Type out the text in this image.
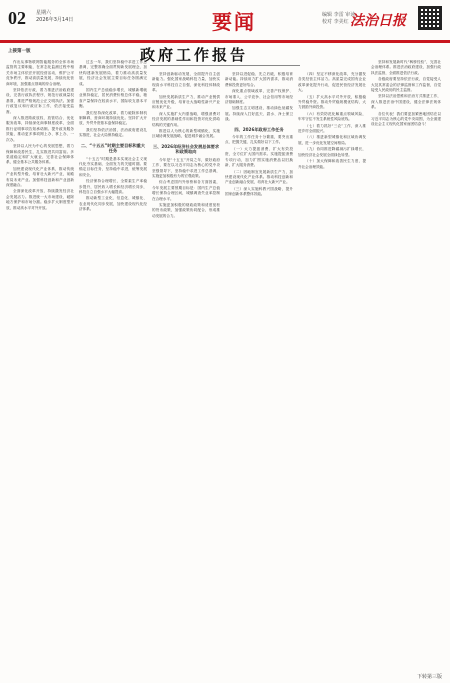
02 星期六
2026年3月14日	要闻	编辑 李雷 审读
校对 李美红 法治日报
上接第一版	政府工作报告

作出从事物联网智能服务的全体市场监管的主要职能，在常态化监测过程中相关市场主体依法开展经营活动，维护公平竞争秩序，推动高质量发展，持续优化营商环境，加强重点领域的综合治理。

坚持依法行政，着力推进法治政府建设，完善行政执法程序，规范行政裁量权基准，推进严格规范公正文明执法。加强行政复议和行政应诉工作，依法接受监督。

深入推进简政放权、放管结合、优化服务改革，持续深化商事制度改革，全面推行证明事项告知承诺制。提升政务服务效能，推动更多事项网上办、掌上办、一次办。

坚持以人民为中心的发展思想，着力保障和改善民生，扎实推进共同富裕。多渠道稳定和扩大就业，完善社会保障体系，健全基本公共服务体系。

加快建设现代化产业体系，推动传统产业转型升级，培育壮大新兴产业，前瞻布局未来产业。加强科技创新和产业创新深度融合。

全面深化改革开放，持续激发经济社会发展活力。推进统一大市场建设，破除地方保护和市场分割。稳步扩大制度型开放，推动高水平对外开放。

过去一年，我们坚持稳中求进工作总基调，完整准确全面贯彻新发展理念，加快构建新发展格局，着力推动高质量发展，经济社会发展主要目标任务圆满完成。

国内生产总值稳步增长，城镇新增就业保持稳定，居民消费价格总体平稳，粮食产量保持在较高水平，国际收支基本平衡。

我们坚持深化改革，着力破除体制机制障碍，营商环境持续优化。坚持扩大开放，外贸外资基本盘保持稳定。

我们坚持依法治国，法治政府建设扎实推进，社会大局保持稳定。

二、“十五五”时期主要目标和重大任务

“十五五”时期是基本实现社会主义现代化夯实基础、全面发力的关键时期。要锚定目标任务，坚持稳中求进，统筹发展和安全。

经济保持合理增长，全要素生产率稳步提升，居民收入增长和经济增长同步，科技自立自强水平大幅提高。

推动新型工业化、信息化、城镇化、农业现代化同步发展，加快建设现代化经济体系。

坚持创新驱动发展，全面提升自主创新能力。强化国家战略科技力量，加快实现高水平科技自立自强，深化科技体制改革。

加快发展新质生产力，推动产业链供应链优化升级，培育壮大战略性新兴产业和未来产业。

深入实施扩大内需战略，增强消费对经济发展的基础性作用和投资对优化供给结构的关键作用。

推进以人为核心的新型城镇化，实施区域协调发展战略，促进城乡融合发展。

三、2026年经济社会发展总体要求和政策取向

今年是“十五五”开局之年，做好政府工作，要在以习近平同志为核心的党中央坚强领导下，坚持稳中求进工作总基调，实施更加积极有为的宏观政策。

综合考虑国内外形势和各方面因素，今年发展主要预期目标是：国内生产总值增长保持合理区间，城镇调查失业率控制在合理水平。

实施更加积极的财政政策和适度宽松的货币政策，加强政策协同配合，形成推动发展的合力。

坚持以进促稳、先立后破，积极培育新动能。持续用力扩大国内需求，推动消费和投资更好结合。

深化重点领域改革，完善产权保护、市场准入、公平竞争、社会信用等市场经济基础制度。

加强生态文明建设，推动绿色低碳发展。持续深入打好蓝天、碧水、净土保卫战。

四、2026年政府工作任务

今年的工作任务十分繁重，要突出重点、把握关键，扎实做好以下工作。

（一）大力提振消费、扩大有效投资，全方位扩大国内需求。实施提振消费专项行动，加力扩围实施消费品以旧换新，扩大服务消费。

（二）因地制宜发展新质生产力，加快建设现代化产业体系。推动科技创新和产业创新融合发展，培育壮大新兴产业。

（三）深入实施科教兴国战略，提升国家创新体系整体效能。

（四）坚定不移深化改革，充分激发各类经营主体活力。高质量完成国有企业改革深化提升行动，促进民营经济发展壮大。

（五）扩大高水平对外开放，积极稳外贸稳外资。推动外贸稳规模优结构，大力鼓励外商投资。

（六）有效防范化解重点领域风险，牢牢守住不发生系统性风险底线。

（七）着力抓好“三农”工作，深入推进乡村全面振兴。

（八）推进新型城镇化和区域协调发展，进一步优化发展空间格局。

（九）协同推进降碳减污扩绿增长，加快经济社会发展全面绿色转型。

（十）加大保障和改善民生力度，提升社会治理效能。

坚持和发展新时代“枫桥经验”，完善社会治理体系。推进法治政府建设，加强行政执法监督，全面推进依法行政。

各级政府要坚持依法行政，自觉接受人大及其常委会的法律监督和工作监督，自觉接受人民政协的民主监督。

坚持以法治思维和法治方式推进工作，深入推进法治中国建设，健全法律法规体系。

各位代表！我们要更加紧密地团结在以习近平同志为核心的党中央周围，为全面建设社会主义现代化国家而团结奋斗！

下转第三版
